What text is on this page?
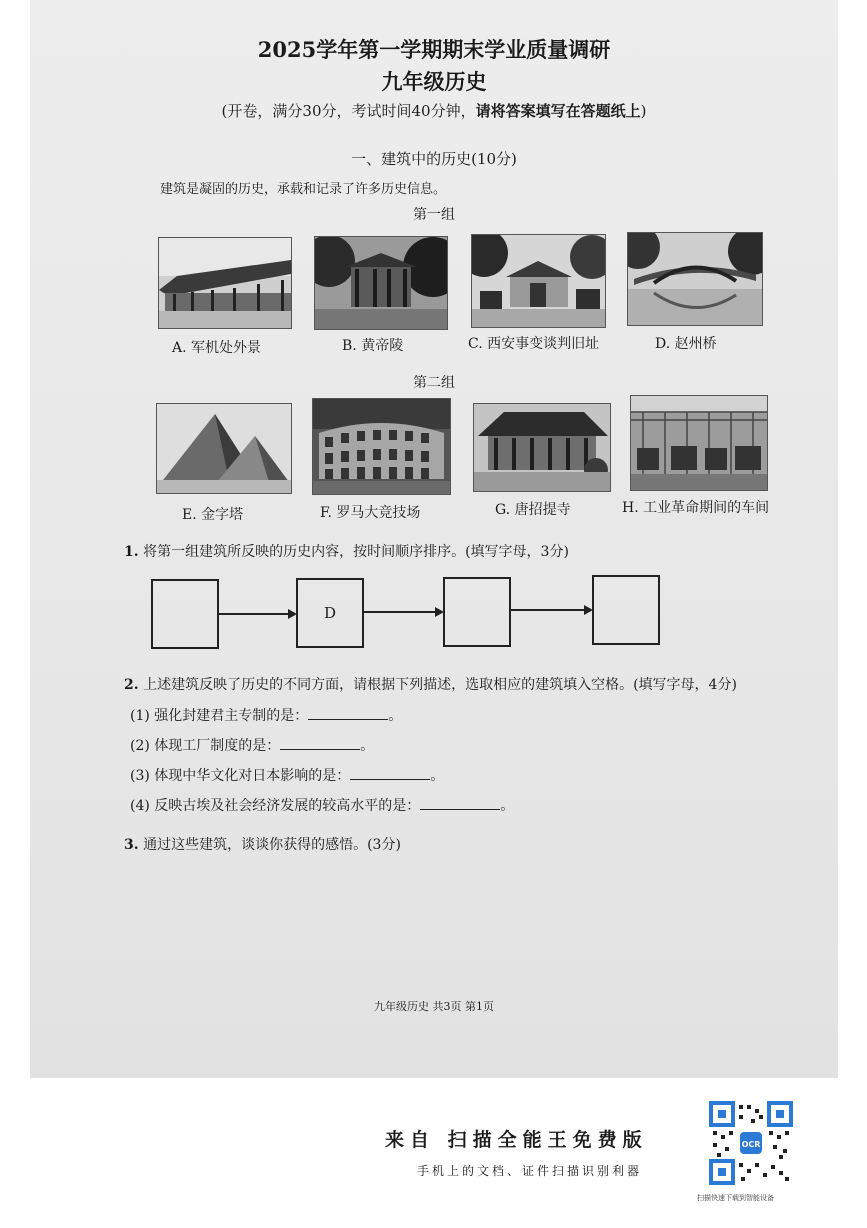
2025学年第一学期期末学业质量调研
九年级历史
(开卷，满分30分，考试时间40分钟，请将答案填写在答题纸上)
一、建筑中的历史(10分)
建筑是凝固的历史，承载和记录了许多历史信息。
第一组
A. 军机处外景	B. 黄帝陵	C. 西安事变谈判旧址	D. 赵州桥
第二组
E. 金字塔	F. 罗马大竞技场	G. 唐招提寺	H. 工业革命期间的车间
1. 将第一组建筑所反映的历史内容，按时间顺序排序。(填写字母，3分)
D
2. 上述建筑反映了历史的不同方面，请根据下列描述，选取相应的建筑填入空格。(填写字母，4分)
(1) 强化封建君主专制的是：	。
(2) 体现工厂制度的是：	。
(3) 体现中华文化对日本影响的是：	。
(4) 反映古埃及社会经济发展的较高水平的是：	。
3. 通过这些建筑，谈谈你获得的感悟。(3分)
九年级历史 共3页 第1页
来自 扫描全能王免费版
手机上的文档、证件扫描识别利器
OCR
扫描快速下载到智能设备
